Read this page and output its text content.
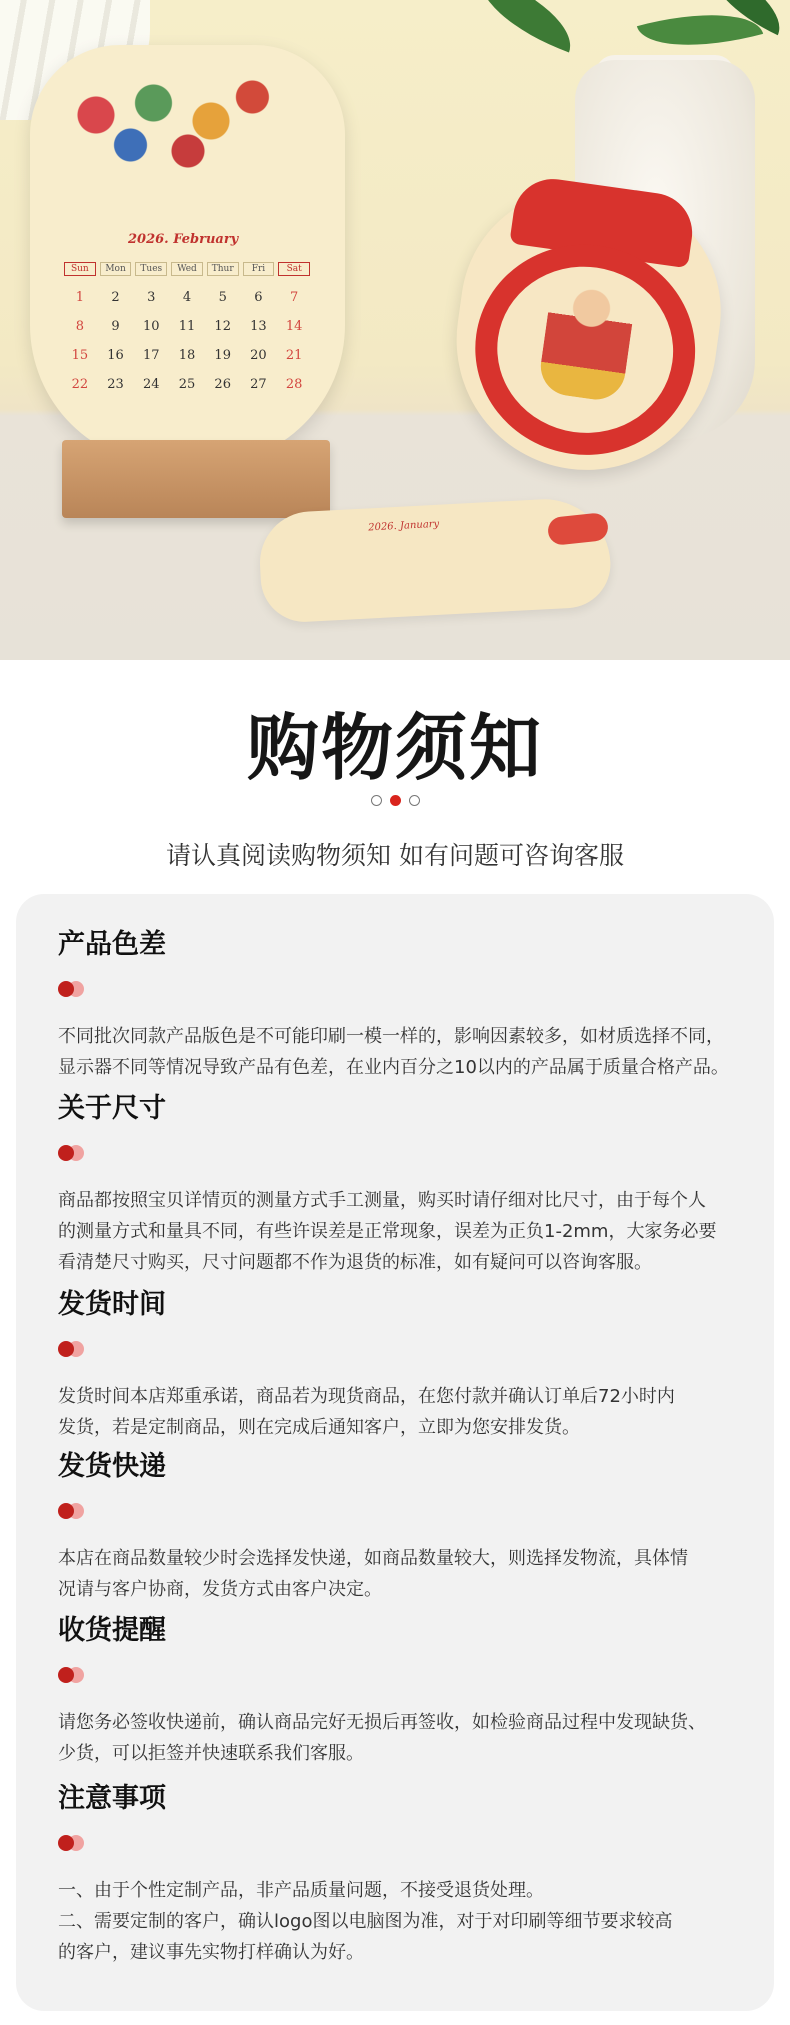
2026. February
Sun	Mon	Tues	Wed	Thur	Fri	Sat
1	2	3	4	5	6	7
8	9	10	11	12	13	14
15	16	17	18	19	20	21
22	23	24	25	26	27	28
2026. January
购物须知
请认真阅读购物须知 如有问题可咨询客服
产品色差

不同批次同款产品版色是不可能印刷一模一样的，影响因素较多，如材质选择不同，
显示器不同等情况导致产品有色差，在业内百分之10以内的产品属于质量合格产品。

关于尺寸

商品都按照宝贝详情页的测量方式手工测量，购买时请仔细对比尺寸，由于每个人
的测量方式和量具不同，有些许误差是正常现象，误差为正负1-2mm，大家务必要
看清楚尺寸购买，尺寸问题都不作为退货的标准，如有疑问可以咨询客服。

发货时间

发货时间本店郑重承诺，商品若为现货商品，在您付款并确认订单后72小时内
发货，若是定制商品，则在完成后通知客户，立即为您安排发货。

发货快递

本店在商品数量较少时会选择发快递，如商品数量较大，则选择发物流，具体情
况请与客户协商，发货方式由客户决定。

收货提醒

请您务必签收快递前，确认商品完好无损后再签收，如检验商品过程中发现缺货、
少货，可以拒签并快速联系我们客服。

注意事项

一、由于个性定制产品，非产品质量问题，不接受退货处理。
二、需要定制的客户，确认logo图以电脑图为准，对于对印刷等细节要求较高
的客户，建议事先实物打样确认为好。
